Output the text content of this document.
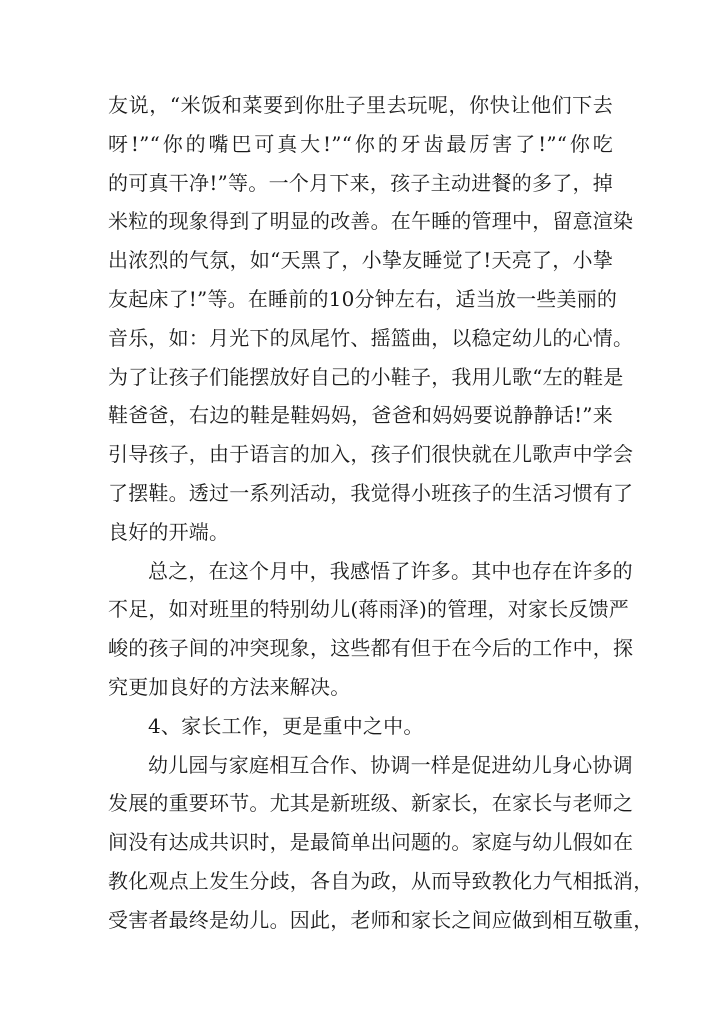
友说，“米饭和菜要到你肚子里去玩呢，你快让他们下去
呀!”“你的嘴巴可真大!”“你的牙齿最厉害了!”“你吃
的可真干净!”等。一个月下来，孩子主动进餐的多了，掉
米粒的现象得到了明显的改善。在午睡的管理中，留意渲染
出浓烈的气氛，如“天黑了，小挚友睡觉了!天亮了，小挚
友起床了!”等。在睡前的10分钟左右，适当放一些美丽的
音乐，如：月光下的凤尾竹、摇篮曲，以稳定幼儿的心情。
为了让孩子们能摆放好自己的小鞋子，我用儿歌“左的鞋是
鞋爸爸，右边的鞋是鞋妈妈，爸爸和妈妈要说静静话!”来
引导孩子，由于语言的加入，孩子们很快就在儿歌声中学会
了摆鞋。透过一系列活动，我觉得小班孩子的生活习惯有了
良好的开端。
总之，在这个月中，我感悟了许多。其中也存在许多的
不足，如对班里的特别幼儿(蒋雨泽)的管理，对家长反馈严
峻的孩子间的冲突现象，这些都有但于在今后的工作中，探
究更加良好的方法来解决。
4、家长工作，更是重中之中。
幼儿园与家庭相互合作、协调一样是促进幼儿身心协调
发展的重要环节。尤其是新班级、新家长，在家长与老师之
间没有达成共识时，是最简单出问题的。家庭与幼儿假如在
教化观点上发生分歧，各自为政，从而导致教化力气相抵消，
受害者最终是幼儿。因此，老师和家长之间应做到相互敬重，
